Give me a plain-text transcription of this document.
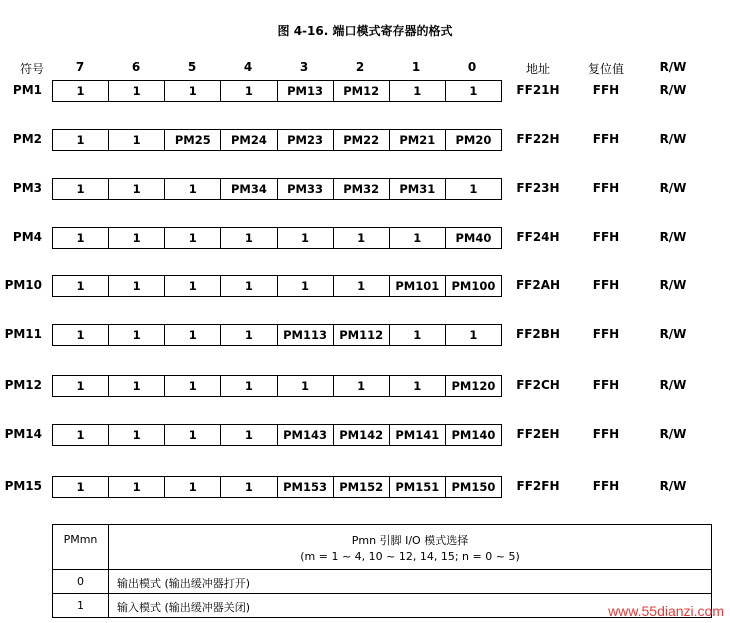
图 4-16. 端口模式寄存器的格式
符号	7	6	5	4	3	2	1	0	地址	复位值	R/W
PM1	1	1	1	1	PM13	PM12	1	1	FF21H	FFH	R/W
PM2	1	1	PM25	PM24	PM23	PM22	PM21	PM20	FF22H	FFH	R/W
PM3	1	1	1	PM34	PM33	PM32	PM31	1	FF23H	FFH	R/W
PM4	1	1	1	1	1	1	1	PM40	FF24H	FFH	R/W
PM10	1	1	1	1	1	1	PM101	PM100	FF2AH	FFH	R/W
PM11	1	1	1	1	PM113	PM112	1	1	FF2BH	FFH	R/W
PM12	1	1	1	1	1	1	1	PM120	FF2CH	FFH	R/W
PM14	1	1	1	1	PM143	PM142	PM141	PM140	FF2EH	FFH	R/W
PM15	1	1	1	1	PM153	PM152	PM151	PM150	FF2FH	FFH	R/W
PMmn	Pmn 引脚 I/O 模式选择
(m = 1 ~ 4, 10 ~ 12, 14, 15; n = 0 ~ 5)
0	输出模式 (输出缓冲器打开)
1	输入模式 (输出缓冲器关闭)	www.55dianzi.com
